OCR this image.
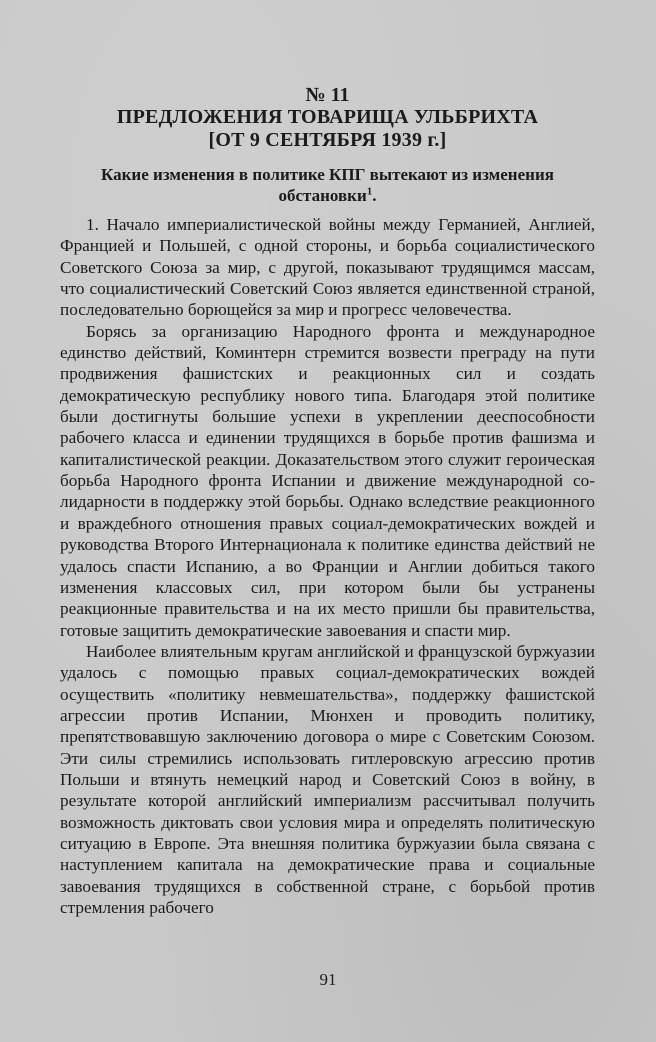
№ 11

ПРЕДЛОЖЕНИЯ ТОВАРИЩА УЛЬБРИХТА

[ОТ 9 СЕНТЯБРЯ 1939 г.]

Какие изменения в политике КПГ вытекают из изменения обстановки$^1$.

1. Начало империалистической войны между Германией, Англией, Францией и Польшей, с одной стороны, и борьба социалистического Советского Союза за мир, с другой, показывают трудящимся массам, что социалистический Советский Союз является единственной страной, последовательно борющейся за мир и прогресс человечества.

Борясь за организацию Народного фронта и международное единство действий, Коминтерн стремится возвести преграду на пути продвижения фашистских и реакционных сил и создать демократическую республику нового типа. Благодаря этой политике были достигнуты большие успехи в укреплении дееспособности рабочего класса и единении трудящихся в борьбе против фашизма и капиталистической реакции. Доказательством этого служит героическая борьба Народного фронта Испании и движение международной солидарности в поддержку этой борьбы. Однако вследствие реакционного и враждебного отношения правых социал-демократических вождей и руководства Второго Интернационала к политике единства действий не удалось спасти Испанию, а во Франции и Англии добиться такого изменения классовых сил, при котором были бы устранены реакционные правительства и на их место пришли бы правительства, готовые защитить демократические завоевания и спасти мир.

Наиболее влиятельным кругам английской и французской буржуазии удалось с помощью правых социал-демократических вождей осуществить «политику невмешательства», поддержку фашистской агрессии против Испании, Мюнхен и проводить политику, препятствовавшую заключению договора о мире с Советским Союзом. Эти силы стремились использовать гитлеровскую агрессию против Польши и втянуть немецкий народ и Советский Союз в войну, в результате которой английский империализм рассчитывал получить возможность диктовать свои условия мира и определять политическую ситуацию в Европе. Эта внешняя политика буржуазии была связана с наступлением капитала на демократические права и социальные завоевания трудящихся в собственной стране, с борьбой против стремления рабочего

91
